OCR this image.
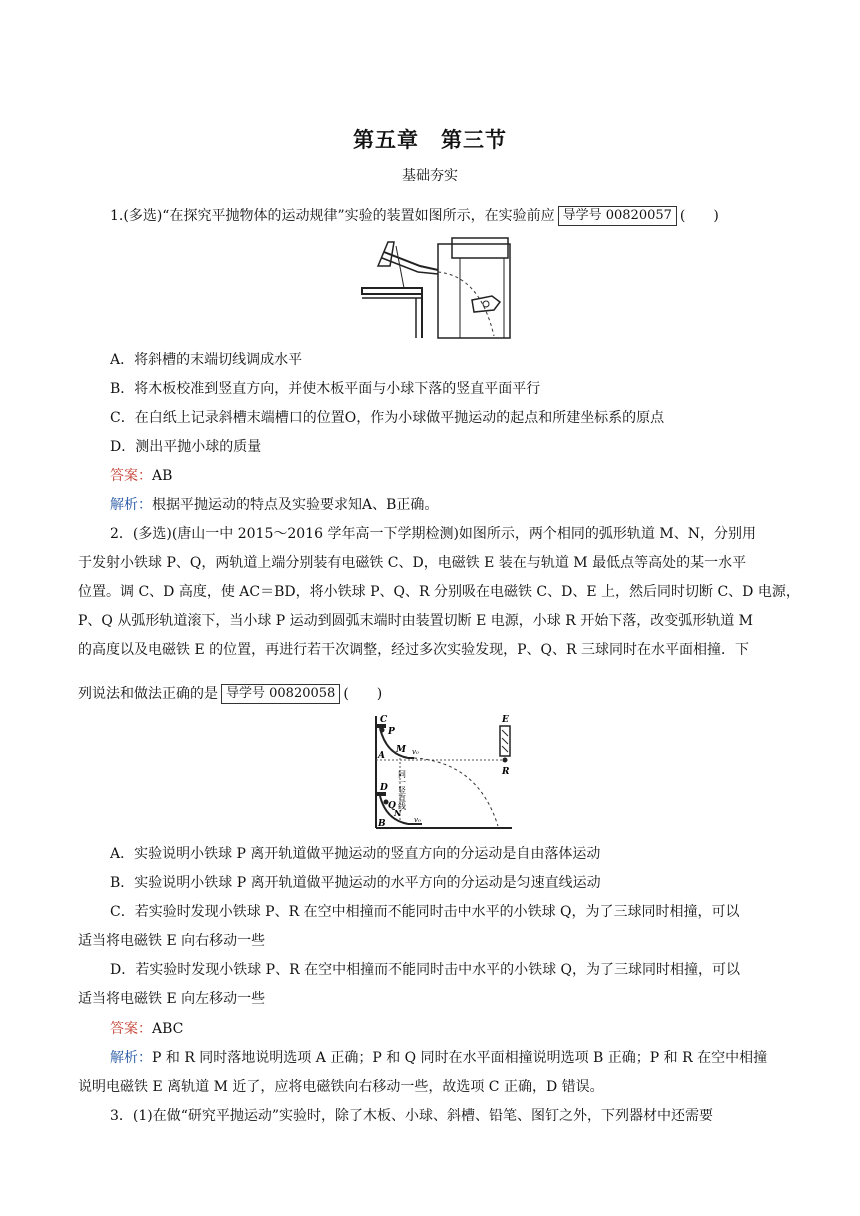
第五章　第三节
基础夯实
1.(多选)“在探究平抛物体的运动规律”实验的装置如图所示，在实验前应 导学号 00820057 (　　)
A．将斜槽的末端切线调成水平
B．将木板校准到竖直方向，并使木板平面与小球下落的竖直平面平行
C．在白纸上记录斜槽末端槽口的位置O，作为小球做平抛运动的起点和所建坐标系的原点
D．测出平抛小球的质量
答案：AB
解析：根据平抛运动的特点及实验要求知A、B正确。
2．(多选)(唐山一中 2015～2016 学年高一下学期检测)如图所示，两个相同的弧形轨道 M、N，分别用
于发射小铁球 P、Q，两轨道上端分别装有电磁铁 C、D，电磁铁 E 装在与轨道 M 最低点等高处的某一水平
位置。调 C、D 高度，使 AC＝BD，将小铁球 P、Q、R 分别吸在电磁铁 C、D、E 上，然后同时切断 C、D 电源，
P、Q 从弧形轨道滚下，当小球 P 运动到圆弧末端时由装置切断 E 电源，小球 R 开始下落，改变弧形轨道 M
的高度以及电磁铁 E 的位置，再进行若干次调整，经过多次实验发现，P、Q、R 三球同时在水平面相撞．下
列说法和做法正确的是 导学号 00820058 (　　)
C
P
A
M v₀
E
R
D
Q
N
B	v₀
同一竖直线
A．实验说明小铁球 P 离开轨道做平抛运动的竖直方向的分运动是自由落体运动
B．实验说明小铁球 P 离开轨道做平抛运动的水平方向的分运动是匀速直线运动
C．若实验时发现小铁球 P、R 在空中相撞而不能同时击中水平的小铁球 Q，为了三球同时相撞，可以
适当将电磁铁 E 向右移动一些
D．若实验时发现小铁球 P、R 在空中相撞而不能同时击中水平的小铁球 Q，为了三球同时相撞，可以
适当将电磁铁 E 向左移动一些
答案：ABC
解析：P 和 R 同时落地说明选项 A 正确；P 和 Q 同时在水平面相撞说明选项 B 正确；P 和 R 在空中相撞
说明电磁铁 E 离轨道 M 近了，应将电磁铁向右移动一些，故选项 C 正确，D 错误。
3．(1)在做“研究平抛运动”实验时，除了木板、小球、斜槽、铅笔、图钉之外，下列器材中还需要
